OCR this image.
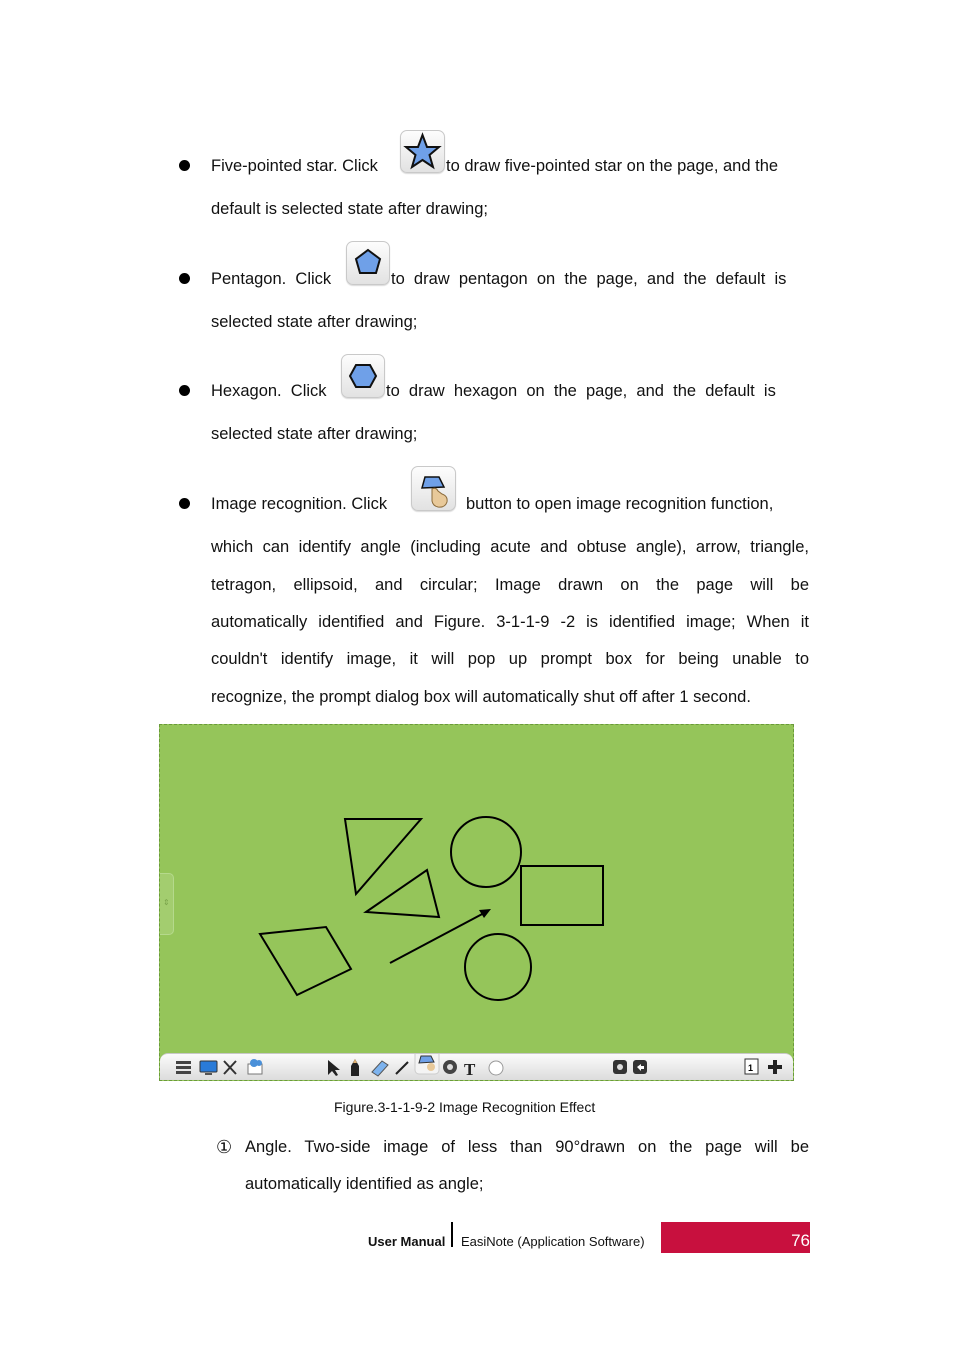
Five-pointed star. Click	to draw five-pointed star on the page, and the
default is selected state after drawing;
Pentagon.  Click	to  draw  pentagon  on  the  page,  and  the  default  is
selected state after drawing;
Hexagon.  Click	to  draw  hexagon  on  the  page,  and  the  default  is
selected state after drawing;
Image recognition. Click	button to open image recognition function,
which can identify angle (including acute and obtuse angle), arrow, triangle,
tetragon, ellipsoid, and circular; Image drawn on the page will be
automatically identified and Figure. 3-1-1-9 -2 is identified image; When it
couldn't identify image, it will pop up prompt box for being unable to
recognize, the prompt dialog box will automatically shut off after 1 second.
⇕
T	1
Figure.3-1-1-9-2 Image Recognition Effect
① Angle. Two-side image of less than 90°drawn on the page will be
automatically identified as angle;
User Manual EasiNote (Application Software)	76
